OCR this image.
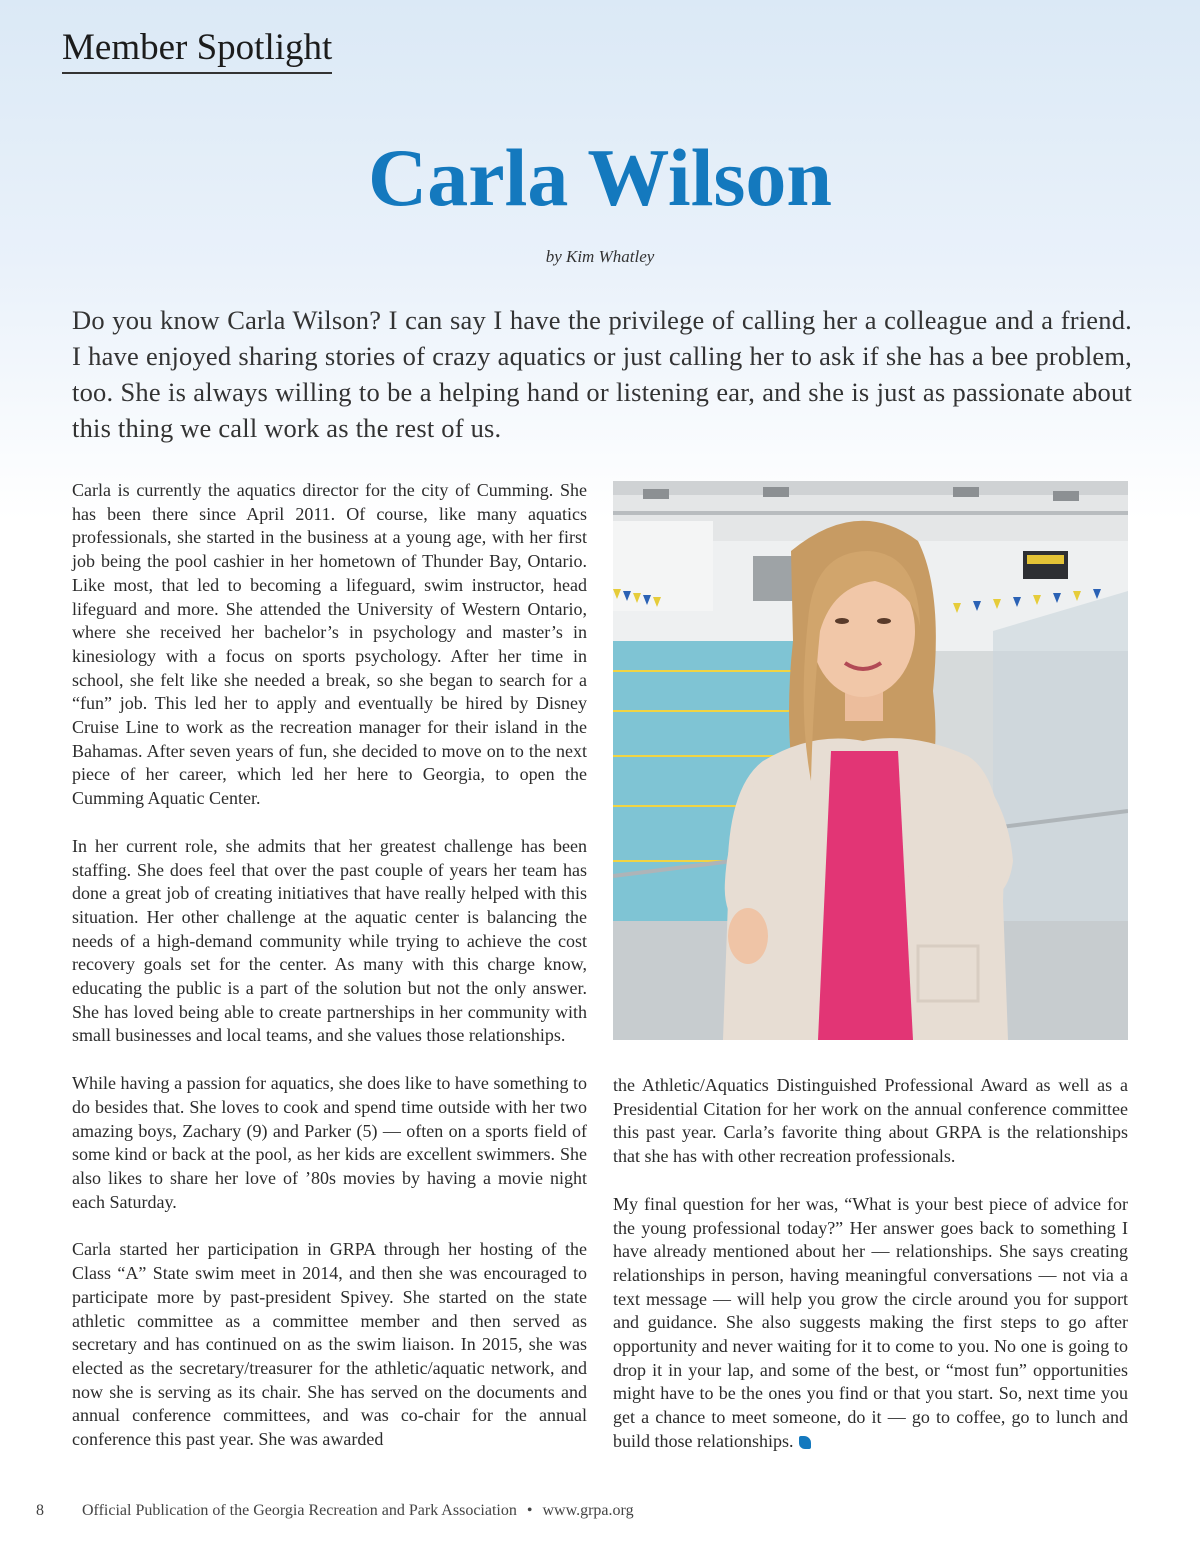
Member Spotlight
Carla Wilson
by Kim Whatley
Do you know Carla Wilson? I can say I have the privilege of calling her a colleague and a friend. I have enjoyed sharing stories of crazy aquatics or just calling her to ask if she has a bee problem, too. She is always willing to be a helping hand or listening ear, and she is just as passionate about this thing we call work as the rest of us.

Carla is currently the aquatics director for the city of Cumming. She has been there since April 2011. Of course, like many aquatics professionals, she started in the business at a young age, with her first job being the pool cashier in her hometown of Thunder Bay, Ontario. Like most, that led to becoming a lifeguard, swim instructor, head lifeguard and more. She attended the University of Western Ontario, where she received her bachelor’s in psychology and master’s in kinesiology with a focus on sports psychology. After her time in school, she felt like she needed a break, so she began to search for a “fun” job. This led her to apply and eventually be hired by Disney Cruise Line to work as the recreation manager for their island in the Bahamas. After seven years of fun, she decided to move on to the next piece of her career, which led her here to Georgia, to open the Cumming Aquatic Center.

In her current role, she admits that her greatest challenge has been staffing. She does feel that over the past couple of years her team has done a great job of creating initiatives that have really helped with this situation. Her other challenge at the aquatic center is balancing the needs of a high-demand community while trying to achieve the cost recovery goals set for the center. As many with this charge know, educating the public is a part of the solution but not the only answer. She has loved being able to create partnerships in her community with small businesses and local teams, and she values those relationships.

While having a passion for aquatics, she does like to have something to do besides that. She loves to cook and spend time outside with her two amazing boys, Zachary (9) and Parker (5) — often on a sports field of some kind or back at the pool, as her kids are excellent swimmers. She also likes to share her love of ’80s movies by having a movie night each Saturday.

Carla started her participation in GRPA through her hosting of the Class “A” State swim meet in 2014, and then she was encouraged to participate more by past-president Spivey. She started on the state athletic committee as a committee member and then served as secretary and has continued on as the swim liaison. In 2015, she was elected as the secretary/treasurer for the athletic/aquatic network, and now she is serving as its chair. She has served on the documents and annual conference committees, and was co-chair for the annual conference this past year. She was awarded

the Athletic/Aquatics Distinguished Professional Award as well as a Presidential Citation for her work on the annual conference committee this past year. Carla’s favorite thing about GRPA is the relationships that she has with other recreation professionals.

My final question for her was, “What is your best piece of advice for the young professional today?” Her answer goes back to something I have already mentioned about her — relationships. She says creating relationships in person, having meaningful conversations — not via a text message — will help you grow the circle around you for support and guidance. She also suggests making the first steps to go after opportunity and never waiting for it to come to you. No one is going to drop it in your lap, and some of the best, or “most fun” opportunities might have to be the ones you find or that you start. So, next time you get a chance to meet someone, do it — go to coffee, go to lunch and build those relationships.

8 Official Publication of the Georgia Recreation and Park Association • www.grpa.org
